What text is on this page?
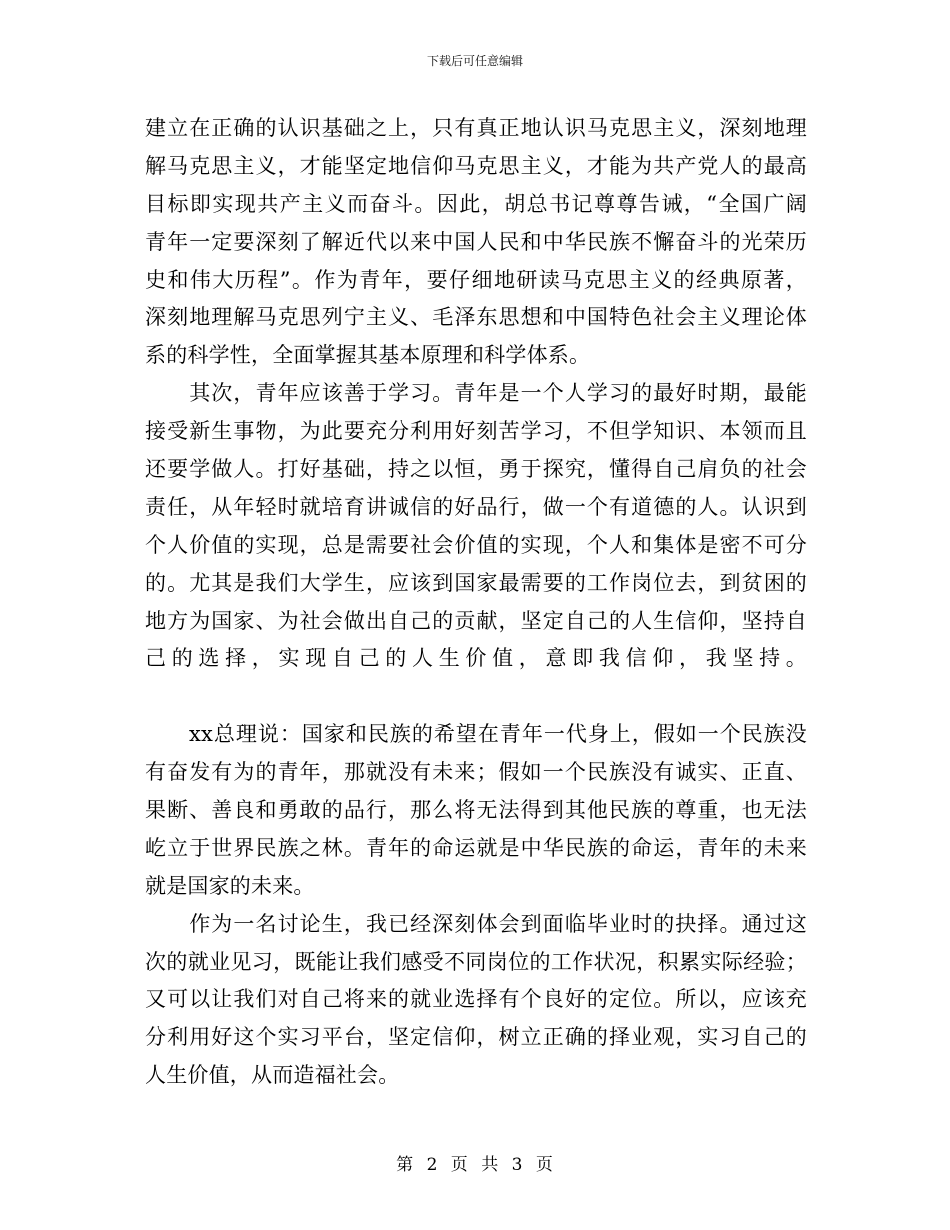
下载后可任意编辑
建立在正确的认识基础之上，只有真正地认识马克思主义，深刻地理
解马克思主义，才能坚定地信仰马克思主义，才能为共产党人的最高
目标即实现共产主义而奋斗。因此，胡总书记尊尊告诫，“全国广阔
青年一定要深刻了解近代以来中国人民和中华民族不懈奋斗的光荣历
史和伟大历程”。作为青年，要仔细地研读马克思主义的经典原著，
深刻地理解马克思列宁主义、毛泽东思想和中国特色社会主义理论体
系的科学性，全面掌握其基本原理和科学体系。
　　其次，青年应该善于学习。青年是一个人学习的最好时期，最能
接受新生事物，为此要充分利用好刻苦学习，不但学知识、本领而且
还要学做人。打好基础，持之以恒，勇于探究，懂得自己肩负的社会
责任，从年轻时就培育讲诚信的好品行，做一个有道德的人。认识到
个人价值的实现，总是需要社会价值的实现，个人和集体是密不可分
的。尤其是我们大学生，应该到国家最需要的工作岗位去，到贫困的
地方为国家、为社会做出自己的贡献，坚定自己的人生信仰，坚持自
己的选择，实现自己的人生价值，意即我信仰，我坚持。
　　xx总理说：国家和民族的希望在青年一代身上，假如一个民族没
有奋发有为的青年，那就没有未来；假如一个民族没有诚实、正直、
果断、善良和勇敢的品行，那么将无法得到其他民族的尊重，也无法
屹立于世界民族之林。青年的命运就是中华民族的命运，青年的未来
就是国家的未来。
　　作为一名讨论生，我已经深刻体会到面临毕业时的抉择。通过这
次的就业见习，既能让我们感受不同岗位的工作状况，积累实际经验；
又可以让我们对自己将来的就业选择有个良好的定位。所以，应该充
分利用好这个实习平台，坚定信仰，树立正确的择业观，实习自己的
人生价值，从而造福社会。
第 2 页 共 3 页
